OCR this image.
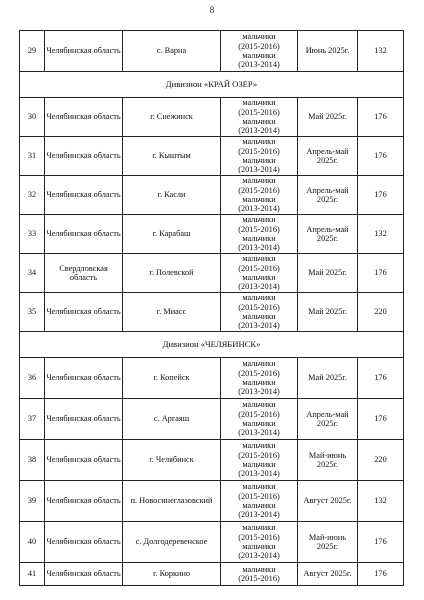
8
29	Челябинская область	с. Варна	мальчики
(2015-2016)
мальчики
(2013-2014)	Июнь 2025г.	132
Дивизион «КРАЙ ОЗЕР»					
30	Челябинская область	г. Снежинск	мальчики
(2015-2016)
мальчики
(2013-2014)	Май 2025г.	176
31	Челябинская область	г. Кыштым	мальчики
(2015-2016)
мальчики
(2013-2014)	Апрель-май 2025г.	176
32	Челябинская область	г. Касли	мальчики
(2015-2016)
мальчики
(2013-2014)	Апрель-май 2025г.	176
33	Челябинская область	г. Карабаш	мальчики
(2015-2016)
мальчики
(2013-2014)	Апрель-май 2025г.	132
34	Свердловская область	г. Полевской	мальчики
(2015-2016)
мальчики
(2013-2014)	Май 2025г.	176
35	Челябинская область	г. Миасс	мальчики
(2015-2016)
мальчики
(2013-2014)	Май 2025г.	220
Дивизион «ЧЕЛЯБИНСК»					
36	Челябинская область	г. Копейск	мальчики
(2015-2016)
мальчики
(2013-2014)	Май 2025г.	176
37	Челябинская область	с. Аргаяш	мальчики
(2015-2016)
мальчики
(2013-2014)	Апрель-май 2025г.	176
38	Челябинская область	г. Челябинск	мальчики
(2015-2016)
мальчики
(2013-2014)	Май-июнь 2025г.	220
39	Челябинская область	п. Новосинеглазовский	мальчики
(2015-2016)
мальчики
(2013-2014)	Август 2025г.	132
40	Челябинская область	с. Долгодеревенское	мальчики
(2015-2016)
мальчики
(2013-2014)	Май-июнь 2025г.	176
41	Челябинская область	г. Коркино	мальчики
(2015-2016)	Август 2025г.	176
